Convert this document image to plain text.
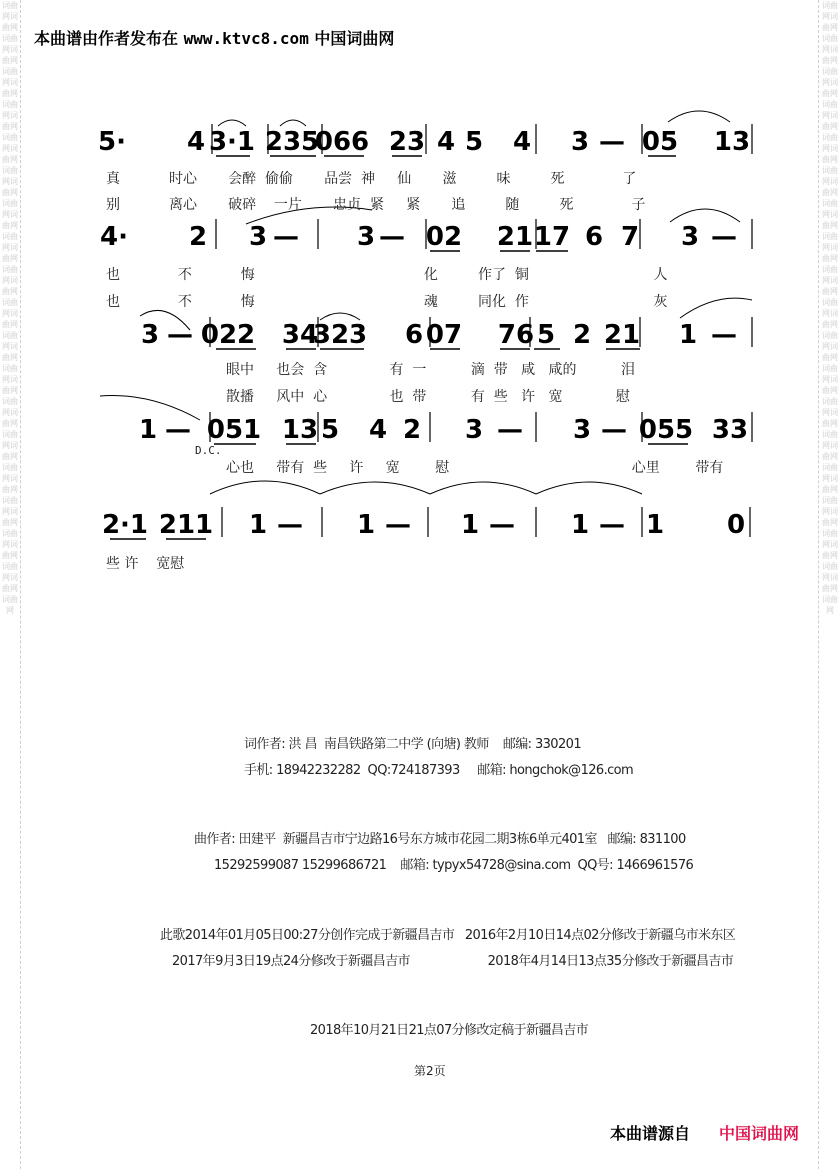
词曲网词曲网词曲网词曲网词曲网词曲网词曲网词曲网词曲网词曲网词曲网词曲网词曲网词曲网词曲网词曲网词曲网词曲网词曲网词曲网词曲网词曲网词曲网词曲网词曲网词曲网词曲网词曲网词曲网词曲网词曲网词曲网词曲网词曲网词曲网词曲网词曲网
词曲网词曲网词曲网词曲网词曲网词曲网词曲网词曲网词曲网词曲网词曲网词曲网词曲网词曲网词曲网词曲网词曲网词曲网词曲网词曲网词曲网词曲网词曲网词曲网词曲网词曲网词曲网词曲网词曲网词曲网词曲网词曲网词曲网词曲网词曲网词曲网词曲网
本曲谱由作者发布在 www.ktvc8.com 中国词曲网
5· 4 3·1 235
066 23 4 5 4 3 — 05 13
4· 2 3 — 3 — 02 21 17 6 7 3 —
3 — 022 34
323 6 07 76 5 2 21 1 —
1 — 051 13 5 4 2 3 — 3 — 055 33
2·1 211 1 — 1 — 1 — 1 — 1 0
D.C.
真           时心       会醉  偷偷       品尝  神     仙       滋         味         死             了
别           离心       破碎    一片       忠贞  紧     紧       追         随         死             子
也             不           悔                                      化         作了  铜                            人
也             不           悔                                      魂         同化  作                            灰
眼中     也会  含              有  一          滴  带   咸   咸的          泪
散播     风中  心              也  带          有  些   许   宽            慰
心也     带有  些     许     宽        慰                                         心里        带有
些 许    宽慰
词作者: 洪 昌  南昌铁路第二中学 (向塘) 教师    邮编: 330201
手机: 18942232282  QQ:724187393     邮箱: hongchok@126.com
曲作者: 田建平  新疆昌吉市宁边路16号东方城市花园二期3栋6单元401室   邮编: 831100
15292599087 15299686721    邮箱: typyx54728@sina.com  QQ号: 1466961576
此歌2014年01月05日00:27分创作完成于新疆昌吉市   2016年2月10日14点02分修改于新疆乌市米东区
2017年9月3日19点24分修改于新疆昌吉市                      2018年4月14日13点35分修改于新疆昌吉市
2018年10月21日21点07分修改定稿于新疆昌吉市
第2页
本曲谱源自 中国词曲网
